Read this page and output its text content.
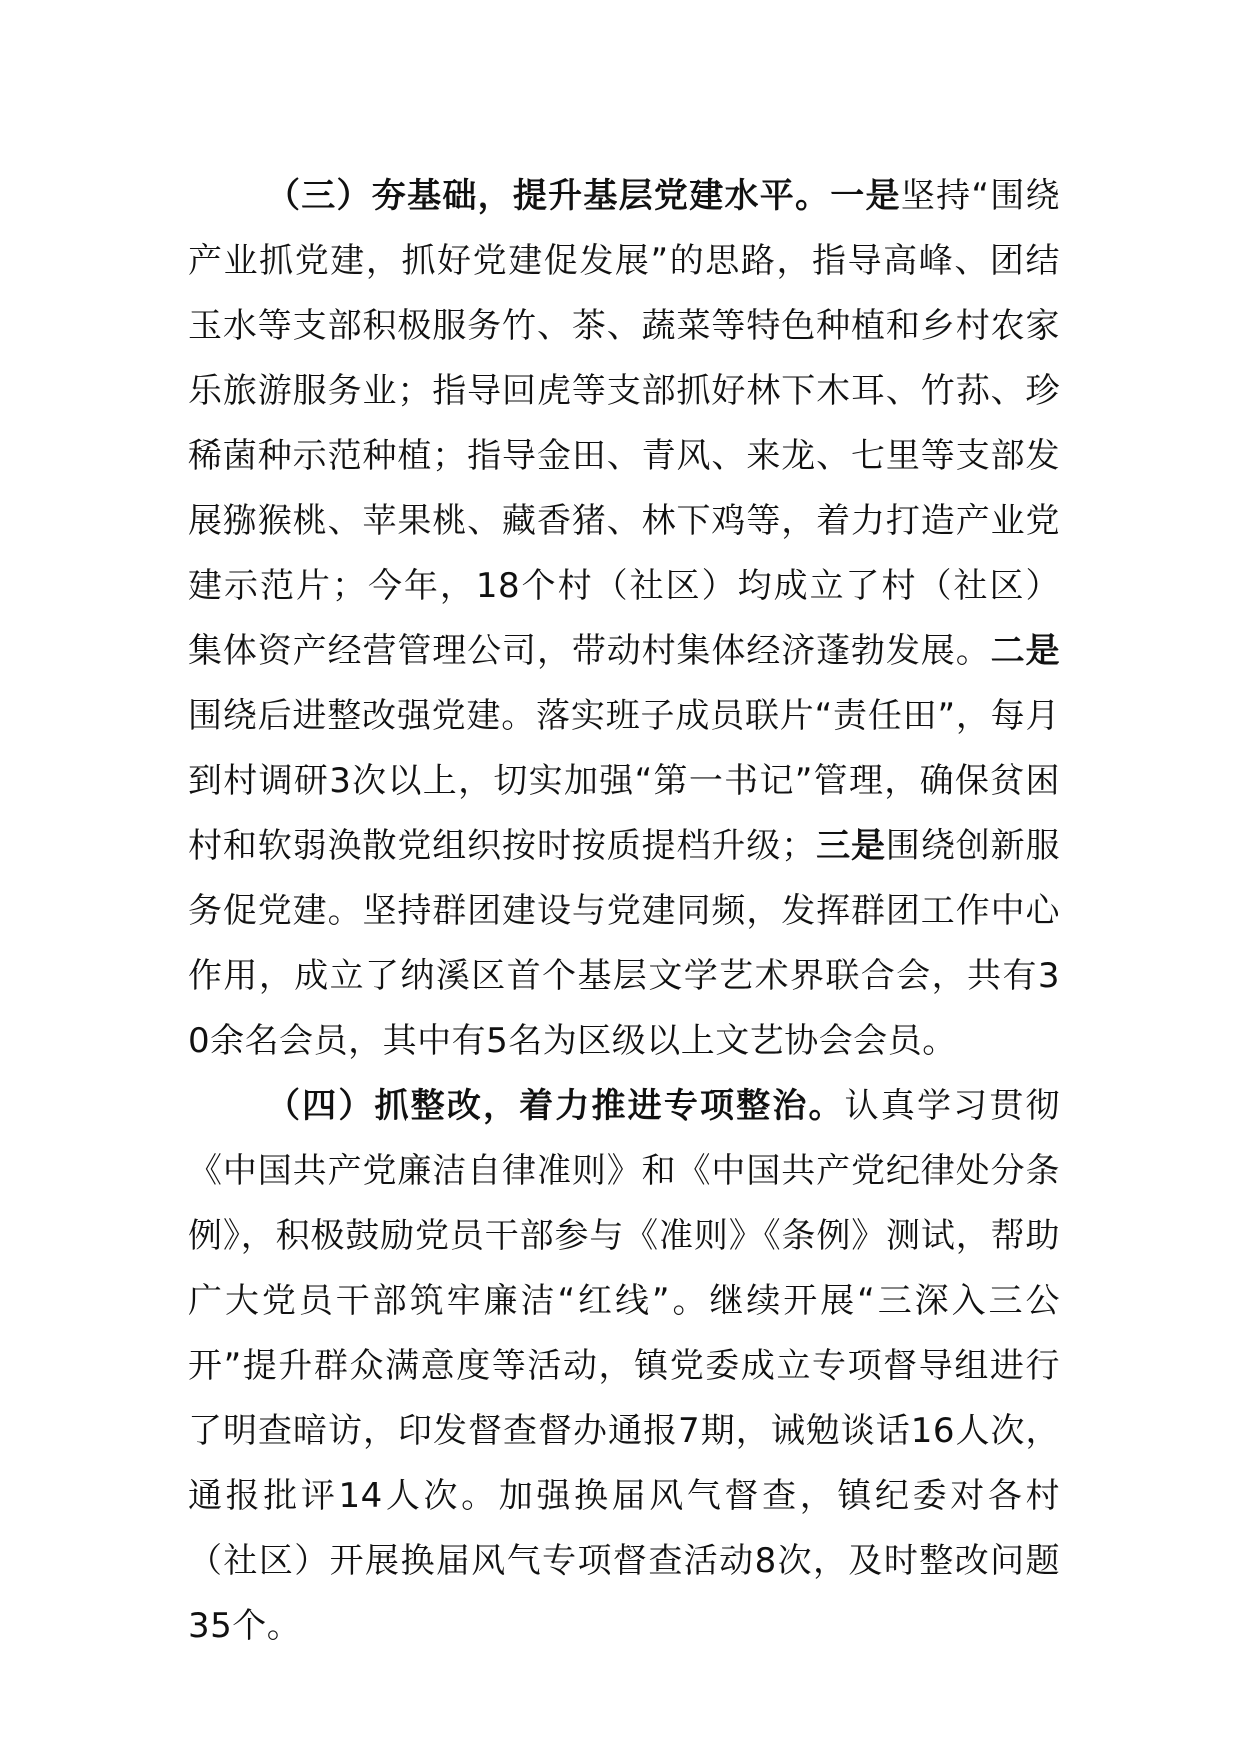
（三）夯基础，提升基层党建水平。一是坚持“围绕产业抓党建，抓好党建促发展”的思路，指导高峰、团结玉水等支部积极服务竹、茶、蔬菜等特色种植和乡村农家乐旅游服务业；指导回虎等支部抓好林下木耳、竹荪、珍稀菌种示范种植；指导金田、青风、来龙、七里等支部发展猕猴桃、苹果桃、藏香猪、林下鸡等，着力打造产业党建示范片；今年，18个村（社区）均成立了村（社区）集体资产经营管理公司，带动村集体经济蓬勃发展。二是围绕后进整改强党建。落实班子成员联片“责任田”，每月到村调研3次以上，切实加强“第一书记”管理，确保贫困村和软弱涣散党组织按时按质提档升级；三是围绕创新服务促党建。坚持群团建设与党建同频，发挥群团工作中心作用，成立了纳溪区首个基层文学艺术界联合会，共有30余名会员，其中有5名为区级以上文艺协会会员。

（四）抓整改，着力推进专项整治。认真学习贯彻《中国共产党廉洁自律准则》和《中国共产党纪律处分条例》，积极鼓励党员干部参与《准则》《条例》测试，帮助广大党员干部筑牢廉洁“红线”。继续开展“三深入三公开”提升群众满意度等活动，镇党委成立专项督导组进行了明查暗访，印发督查督办通报7期，诫勉谈话16人次，通报批评14人次。加强换届风气督查，镇纪委对各村（社区）开展换届风气专项督查活动8次，及时整改问题35个。
